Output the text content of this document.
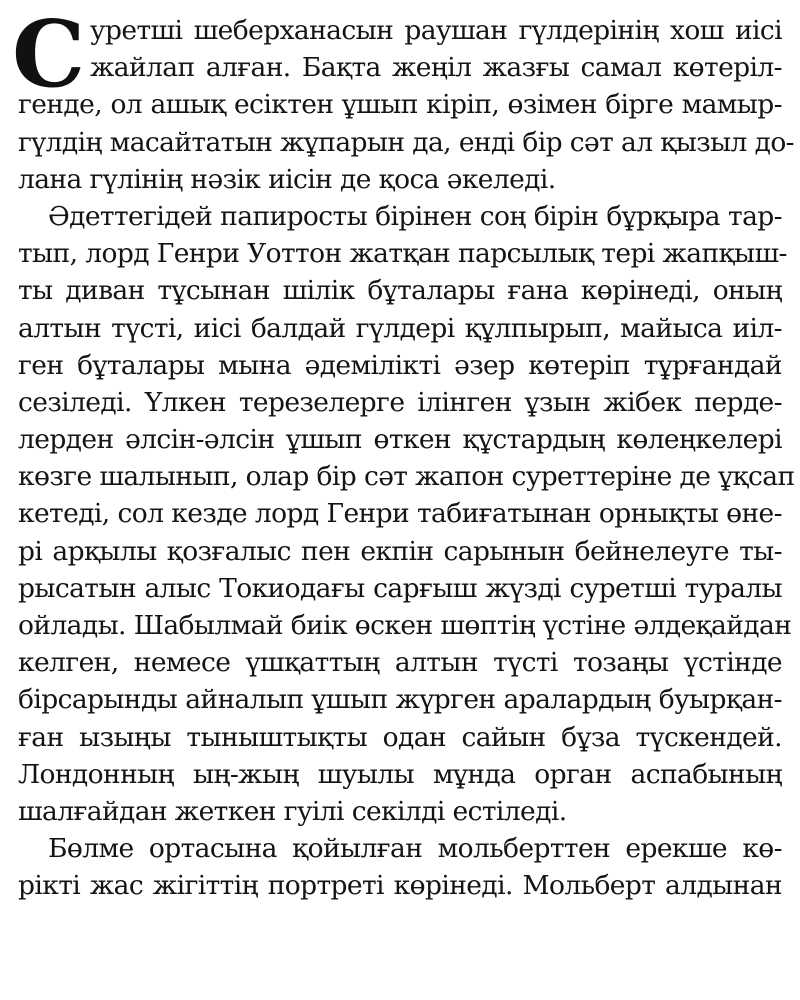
С уретші шеберханасын раушан гүлдерінің хош иісі
жайлап алған. Бақта жеңіл жазғы самал көтеріл-
генде, ол ашық есіктен ұшып кіріп, өзімен бірге мамыр-
гүлдің масайтатын жұпарын да, енді бір сәт ал қызыл до-
лана гүлінің нәзік иісін де қоса әкеледі.
Әдеттегідей папиросты бірінен соң бірін бұрқыра тар-
тып, лорд Генри Уоттон жатқан парсылық тері жапқыш-
ты диван тұсынан шілік бұталары ғана көрінеді, оның
алтын түсті, иісі балдай гүлдері құлпырып, майыса иіл-
ген бұталары мына әдемілікті әзер көтеріп тұрғандай
сезіледі. Үлкен терезелерге ілінген ұзын жібек перде-
лерден әлсін-әлсін ұшып өткен құстардың көлеңкелері
көзге шалынып, олар бір сәт жапон суреттеріне де ұқсап
кетеді, сол кезде лорд Генри табиғатынан орнықты өне-
рі арқылы қозғалыс пен екпін сарынын бейнелеуге ты-
рысатын алыс Токиодағы сарғыш жүзді суретші туралы
ойлады. Шабылмай биік өскен шөптің үстіне әлдеқайдан
келген, немесе үшқаттың алтын түсті тозаңы үстінде
бірсарынды айналып ұшып жүрген аралардың буырқан-
ған ызыңы тыныштықты одан сайын бұза түскендей.
Лондонның ың-жың шуылы мұнда орган аспабының
шалғайдан жеткен гуілі секілді естіледі.
Бөлме ортасына қойылған мольберттен ерекше кө-
рікті жас жігіттің портреті көрінеді. Мольберт алдынан
